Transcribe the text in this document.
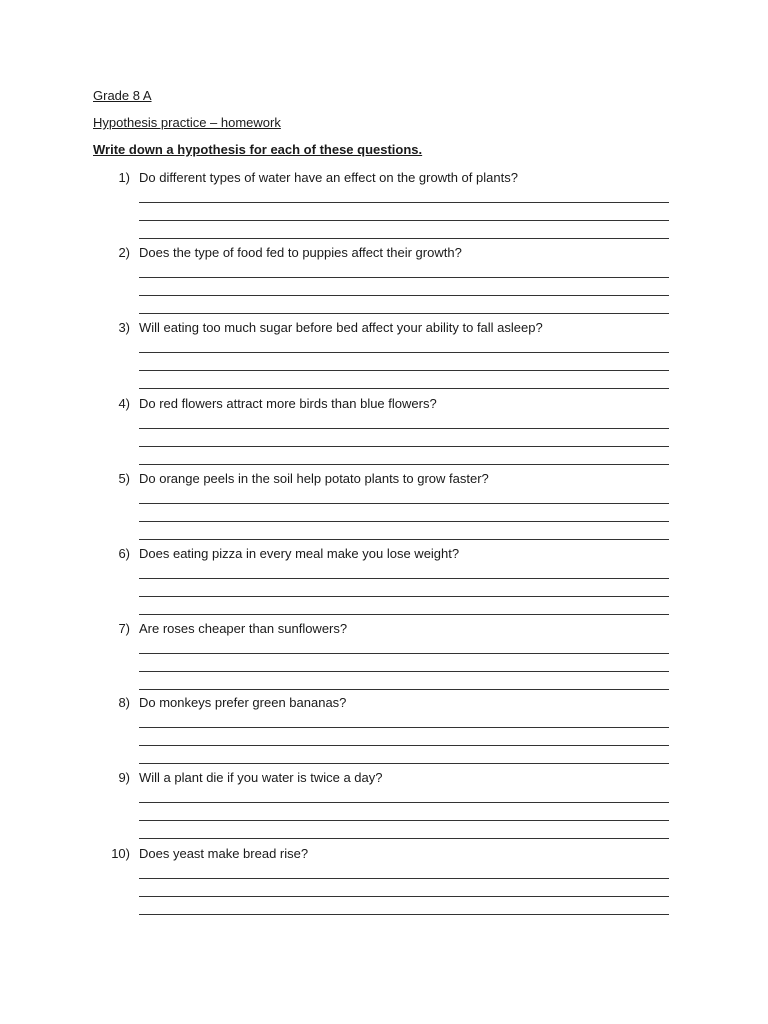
Grade 8 A
Hypothesis practice – homework
Write down a hypothesis for each of these questions.
1) Do different types of water have an effect on the growth of plants?
2) Does the type of food fed to puppies affect their growth?
3) Will eating too much sugar before bed affect your ability to fall asleep?
4) Do red flowers attract more birds than blue flowers?
5) Do orange peels in the soil help potato plants to grow faster?
6) Does eating pizza in every meal make you lose weight?
7) Are roses cheaper than sunflowers?
8) Do monkeys prefer green bananas?
9) Will a plant die if you water is twice a day?
10) Does yeast make bread rise?
